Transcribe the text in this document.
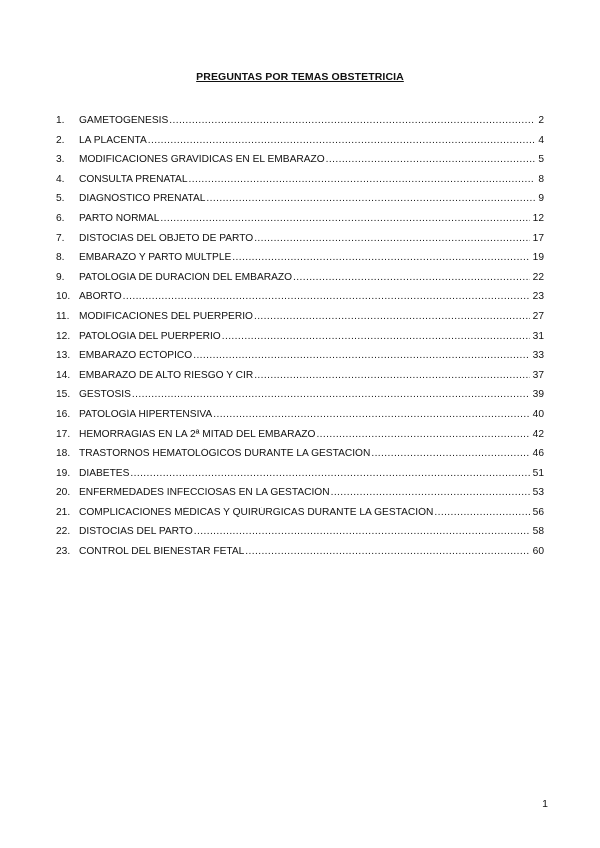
PREGUNTAS POR TEMAS OBSTETRICIA
1.	GAMETOGÉNESIS .....	2
2.	LA PLACENTA .....	4
3.	MODIFICACIONES GRAVÍDICAS EN EL EMBARAZO .....	5
4.	CONSULTA PRENATAL .....	8
5.	DIAGNÓSTICO PRENATAL .....	9
6.	PARTO NORMAL .....	12
7.	DISTOCIAS DEL OBJETO DE PARTO .....	17
8.	EMBARAZO Y PARTO MÚLTPLE .....	19
9.	PATOLOGÍA DE DURACIÓN DEL EMBARAZO .....	22
10. ABORTO .....	23
11. MODIFICACIONES DEL PUERPERIO .....	27
12. PATOLOGÍA DEL PUERPERIO .....	31
13. EMBARAZO ECTÓPICO .....	33
14. EMBARAZO DE ALTO RIESGO Y CIR .....	37
15. GESTOSIS .....	39
16. PATOLOGÍA HIPERTENSIVA .....	40
17. HEMORRAGIAS EN LA 2ª MITAD DEL EMBARAZO .....	42
18. TRASTORNOS HEMATOLÓGICOS DURANTE LA GESTACIÓN .....	46
19. DIABETES .....	51
20. ENFERMEDADES INFECCIOSAS EN LA GESTACIÓN .....	53
21. COMPLICACIONES MÉDICAS Y QUIRÚRGICAS DURANTE LA GESTACIÓN .....	56
22. DISTOCIAS DEL PARTO .....	58
23. CONTROL DEL BIENESTAR FETAL .....	60
1
